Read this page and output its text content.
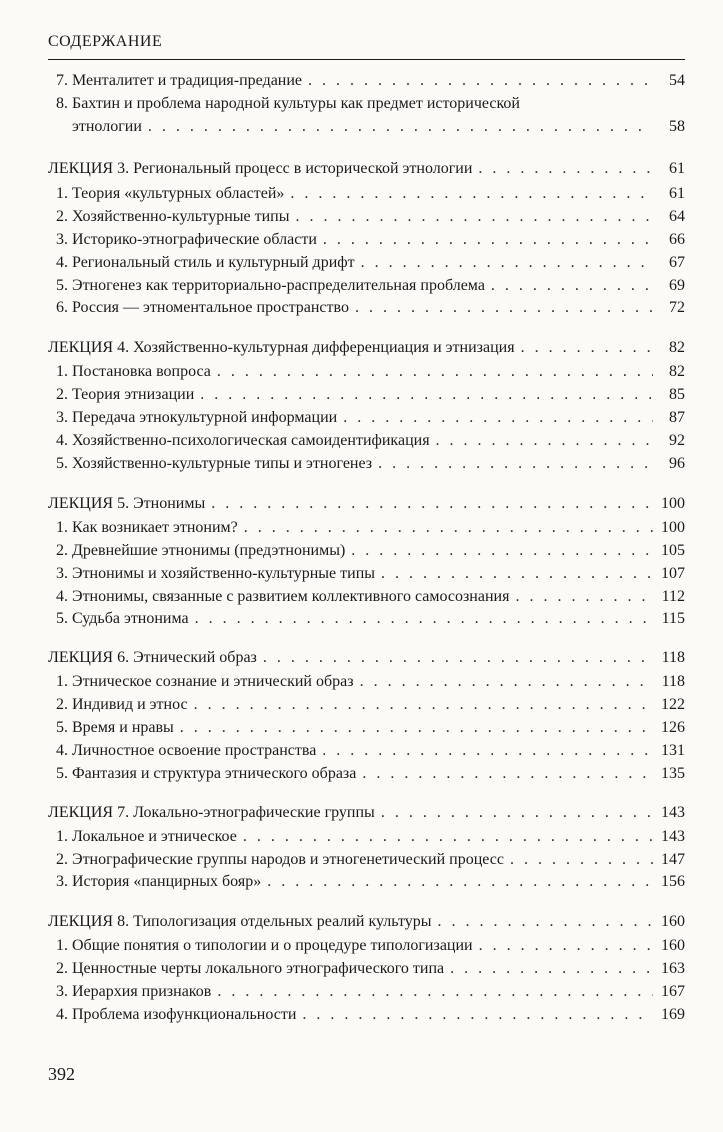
СОДЕРЖАНИЕ
7. Менталитет и традиция-предание . . .	54
8. Бахтин и проблема народной культуры как предмет исторической
этнологии . . .	58
ЛЕКЦИЯ 3. Региональный процесс в исторической этнологии . . .	61
1. Теория «культурных областей» . . .	61
2. Хозяйственно-культурные типы . . .	64
3. Историко-этнографические области . . .	66
4. Региональный стиль и культурный дрифт . . .	67
5. Этногенез как территориально-распределительная проблема . . .	69
6. Россия — этноментальное пространство . . .	72
ЛЕКЦИЯ 4. Хозяйственно-культурная дифференциация и этнизация . . .	82
1. Постановка вопроса . . .	82
2. Теория этнизации . . .	85
3. Передача этнокультурной информации . . .	87
4. Хозяйственно-психологическая самоидентификация . . .	92
5. Хозяйственно-культурные типы и этногенез . . .	96
ЛЕКЦИЯ 5. Этнонимы . . .	100
1. Как возникает этноним? . . .	100
2. Древнейшие этнонимы (предэтнонимы) . . .	105
3. Этнонимы и хозяйственно-культурные типы . . .	107
4. Этнонимы, связанные с развитием коллективного самосознания . . .	112
5. Судьба этнонима . . .	115
ЛЕКЦИЯ 6. Этнический образ . . .	118
1. Этническое сознание и этнический образ . . .	118
2. Индивид и этнос . . .	122
5. Время и нравы . . .	126
4. Личностное освоение пространства . . .	131
5. Фантазия и структура этнического образа . . .	135
ЛЕКЦИЯ 7. Локально-этнографические группы . . .	143
1. Локальное и этническое . . .	143
2. Этнографические группы народов и этногенетический процесс . . .	147
3. История «панцирных бояр» . . .	156
ЛЕКЦИЯ 8. Типологизация отдельных реалий культуры . . .	160
1. Общие понятия о типологии и о процедуре типологизации . . .	160
2. Ценностные черты локального этнографического типа . . .	163
3. Иерархия признаков . . .	167
4. Проблема изофункциональности . . .	169
392
